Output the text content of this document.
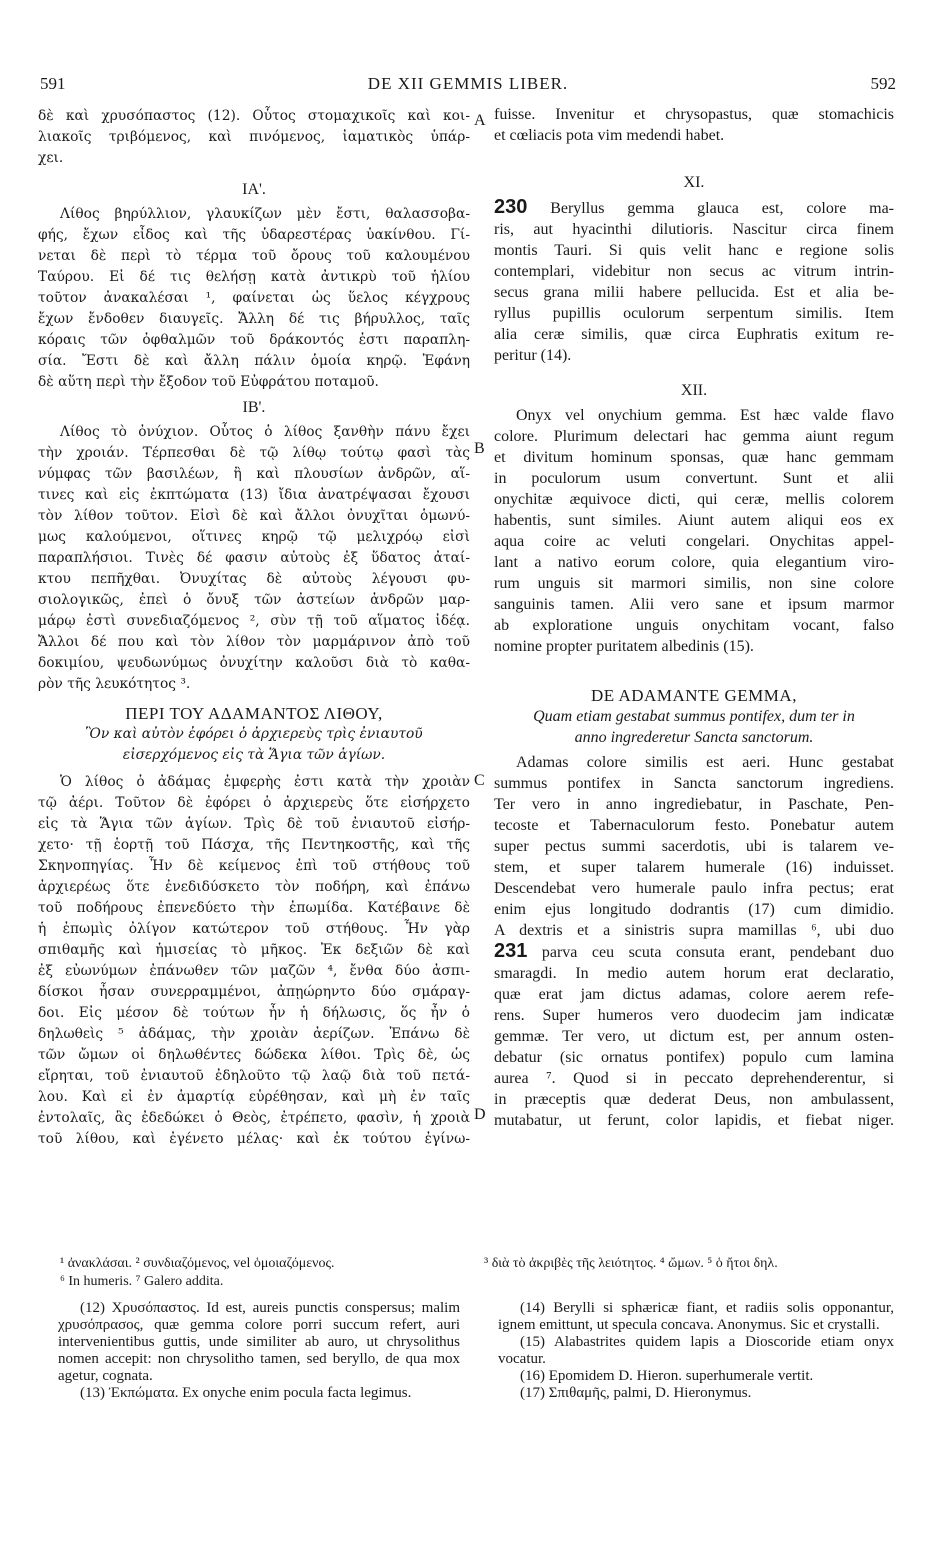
591	DE XII GEMMIS LIBER.	592
A
B
C
D
δὲ καὶ χρυσόπαστος (12). Οὗτος στομαχικοῖς καὶ κοι-
λιακοῖς τριβόμενος, καὶ πινόμενος, ἰαματικὸς ὑπάρ-
χει.
ΙΑ'.
Λίθος βηρύλλιον, γλαυκίζων μὲν ἔστι, θαλασσοβα-
φής, ἔχων εἶδος καὶ τῆς ὑδαρεστέρας ὑακίνθου. Γί-
νεται δὲ περὶ τὸ τέρμα τοῦ ὄρους τοῦ καλουμένου
Ταύρου. Εἰ δέ τις θελήσῃ κατὰ ἀντικρὺ τοῦ ἡλίου
τοῦτον ἀνακαλέσαι ¹, φαίνεται ὡς ὕελος κέγχρους
ἔχων ἔνδοθεν διαυγεῖς. Ἄλλη δέ τις βήρυλλος, ταῖς
κόραις τῶν ὀφθαλμῶν τοῦ δράκοντός ἐστι παραπλη-
σία. Ἔστι δὲ καὶ ἄλλη πάλιν ὁμοία κηρῷ. Ἐφάνη
δὲ αὕτη περὶ τὴν ἔξοδον τοῦ Εὐφράτου ποταμοῦ.
ΙΒ'.
Λίθος τὸ ὀνύχιον. Οὗτος ὁ λίθος ξανθὴν πάνυ ἔχει
τὴν χροιάν. Τέρπεσθαι δὲ τῷ λίθῳ τούτῳ φασὶ τὰς
νύμφας τῶν βασιλέων, ἢ καὶ πλουσίων ἀνδρῶν, αἵ-
τινες καὶ εἰς ἐκπτώματα (13) ἴδια ἀνατρέψασαι ἔχουσι
τὸν λίθον τοῦτον. Εἰσὶ δὲ καὶ ἄλλοι ὀνυχῖται ὁμωνύ-
μως καλούμενοι, οἵτινες κηρῷ τῷ μελιχρόῳ εἰσὶ
παραπλήσιοι. Τινὲς δέ φασιν αὐτοὺς ἐξ ὕδατος ἀταί-
κτου πεπῆχθαι. Ὀνυχίτας δὲ αὐτοὺς λέγουσι φυ-
σιολογικῶς, ἐπεὶ ὁ ὄνυξ τῶν ἀστείων ἀνδρῶν μαρ-
μάρῳ ἐστὶ συνεδιαζόμενος ², σὺν τῇ τοῦ αἵματος ἰδέᾳ.
Ἄλλοι δέ που καὶ τὸν λίθον τὸν μαρμάρινον ἀπὸ τοῦ
δοκιμίου, ψευδωνύμως ὀνυχίτην καλοῦσι διὰ τὸ καθα-
ρὸν τῆς λευκότητος ³.
ΠΕΡΙ ΤΟΥ ΑΔΑΜΑΝΤΟΣ ΛΙΘΟΥ,
Ὃν καὶ αὐτὸν ἐφόρει ὁ ἀρχιερεὺς τρὶς ἐνιαυτοῦ
εἰσερχόμενος εἰς τὰ Ἅγια τῶν ἁγίων.
Ὁ λίθος ὁ ἀδάμας ἐμφερὴς ἐστι κατὰ τὴν χροιὰν
τῷ ἀέρι. Τοῦτον δὲ ἐφόρει ὁ ἀρχιερεὺς ὅτε εἰσήρχετο
εἰς τὰ Ἅγια τῶν ἁγίων. Τρὶς δὲ τοῦ ἐνιαυτοῦ εἰσήρ-
χετο· τῇ ἑορτῇ τοῦ Πάσχα, τῆς Πεντηκοστῆς, καὶ τῆς
Σκηνοπηγίας. Ἦν δὲ κείμενος ἐπὶ τοῦ στήθους τοῦ
ἀρχιερέως ὅτε ἐνεδιδύσκετο τὸν ποδήρη, καὶ ἐπάνω
τοῦ ποδήρους ἐπενεδύετο τὴν ἐπωμίδα. Κατέβαινε δὲ
ἡ ἐπωμὶς ὀλίγον κατώτερον τοῦ στήθους. Ἦν γὰρ
σπιθαμῆς καὶ ἡμισείας τὸ μῆκος. Ἐκ δεξιῶν δὲ καὶ
ἐξ εὐωνύμων ἐπάνωθεν τῶν μαζῶν ⁴, ἔνθα δύο ἀσπι-
δίσκοι ἦσαν συνερραμμένοι, ἀπῃώρηντο δύο σμάραγ-
δοι. Εἰς μέσον δὲ τούτων ἦν ἡ δήλωσις, ὅς ἦν ὁ
δηλωθεὶς ⁵ ἀδάμας, τὴν χροιὰν ἀερίζων. Ἐπάνω δὲ
τῶν ὤμων οἱ δηλωθέντες δώδεκα λίθοι. Τρὶς δὲ, ὡς
εἴρηται, τοῦ ἐνιαυτοῦ ἐδηλοῦτο τῷ λαῷ διὰ τοῦ πετά-
λου. Καὶ εἰ ἐν ἁμαρτίᾳ εὑρέθησαν, καὶ μὴ ἐν ταῖς
ἐντολαῖς, ἃς ἐδεδώκει ὁ Θεὸς, ἐτρέπετο, φασὶν, ἡ χροιὰ
τοῦ λίθου, καὶ ἐγένετο μέλας· καὶ ἐκ τούτου ἐγίνω-
fuisse. Invenitur et chrysopastus, quæ stomachicis
et cœliacis pota vim medendi habet.
XI.
230 Beryllus gemma glauca est, colore ma-
ris, aut hyacinthi dilutioris. Nascitur circa finem
montis Tauri. Si quis velit hanc e regione solis
contemplari, videbitur non secus ac vitrum intrin-
secus grana milii habere pellucida. Est et alia be-
ryllus pupillis oculorum serpentum similis. Item
alia ceræ similis, quæ circa Euphratis exitum re-
peritur (14).
XII.
Onyx vel onychium gemma. Est hæc valde flavo
colore. Plurimum delectari hac gemma aiunt regum
et divitum hominum sponsas, quæ hanc gemmam
in poculorum usum convertunt. Sunt et alii
onychitæ æquivoce dicti, qui ceræ, mellis colorem
habentis, sunt similes. Aiunt autem aliqui eos ex
aqua coire ac veluti congelari. Onychitas appel-
lant a nativo eorum colore, quia elegantium viro-
rum unguis sit marmori similis, non sine colore
sanguinis tamen. Alii vero sane et ipsum marmor
ab exploratione unguis onychitam vocant, falso
nomine propter puritatem albedinis (15).
DE ADAMANTE GEMMA,
Quam etiam gestabat summus pontifex, dum ter in
anno ingrederetur Sancta sanctorum.
Adamas colore similis est aeri. Hunc gestabat
summus pontifex in Sancta sanctorum ingrediens.
Ter vero in anno ingrediebatur, in Paschate, Pen-
tecoste et Tabernaculorum festo. Ponebatur autem
super pectus summi sacerdotis, ubi is talarem ve-
stem, et super talarem humerale (16) induisset.
Descendebat vero humerale paulo infra pectus; erat
enim ejus longitudo dodrantis (17) cum dimidio.
A dextris et a sinistris supra mamillas ⁶, ubi duo
231 parva ceu scuta consuta erant, pendebant duo
smaragdi. In medio autem horum erat declaratio,
quæ erat jam dictus adamas, colore aerem refe-
rens. Super humeros vero duodecim jam indicatæ
gemmæ. Ter vero, ut dictum est, per annum osten-
debatur (sic ornatus pontifex) populo cum lamina
aurea ⁷. Quod si in peccato deprehenderentur, si
in præceptis quæ dederat Deus, non ambulassent,
mutabatur, ut ferunt, color lapidis, et fiebat niger.
¹ ἀνακλάσαι. ² συνδιαζόμενος, vel ὁμοιαζόμενος.	³ διὰ τὸ ἀκριβὲς τῆς λειότητος. ⁴ ὤμων. ⁵ ὁ ἤτοι δηλ.
⁶ In humeris. ⁷ Galero addita.
(12) Χρυσόπαστος. Id est, aureis punctis conspersus; malim χρυσόπρασος, quæ gemma colore porri succum refert, auri intervenientibus guttis, unde similiter ab auro, ut chrysolithus nomen accepit: non chrysolitho tamen, sed beryllo, de qua mox agetur, cognata.
(13) Ἐκπώματα. Ex onyche enim pocula facta legimus.
(14) Berylli si sphæricæ fiant, et radiis solis opponantur, ignem emittunt, ut specula concava. Anonymus. Sic et crystalli.
(15) Alabastrites quidem lapis a Dioscoride etiam onyx vocatur.
(16) Epomidem D. Hieron. superhumerale vertit.
(17) Σπιθαμῆς, palmi, D. Hieronymus.
